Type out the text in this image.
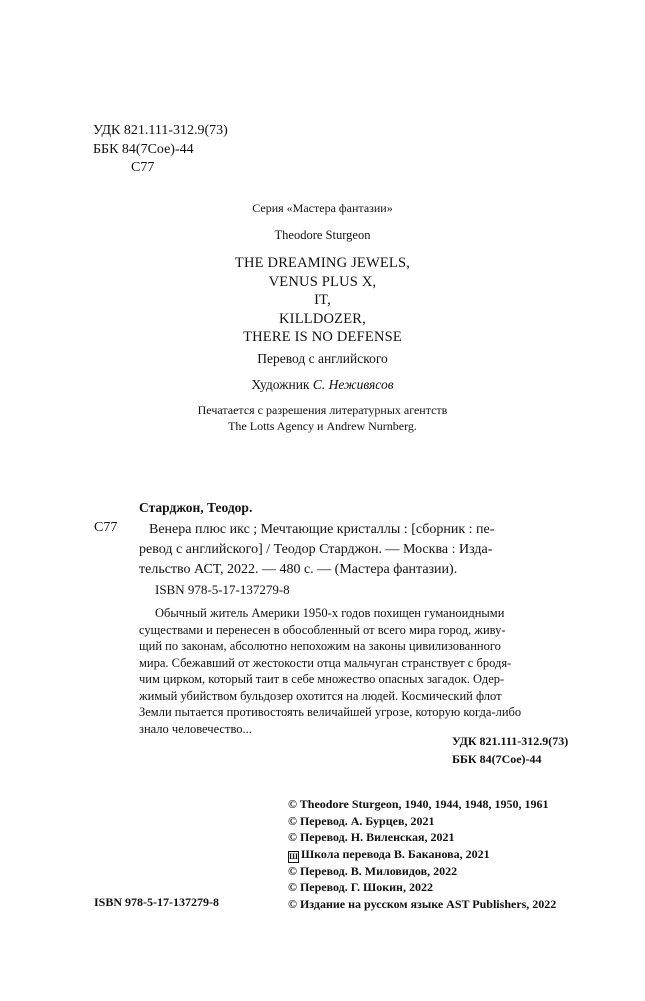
УДК 821.111-312.9(73)
ББК 84(7Сое)-44
С77
Серия «Мастера фантазии»
Theodore Sturgeon
THE DREAMING JEWELS,
VENUS PLUS X,
IT,
KILLDOZER,
THERE IS NO DEFENSE
Перевод с английского
Художник С. Неживясов
Печатается с разрешения литературных агентств
The Lotts Agency и Andrew Nurnberg.
Старджон, Теодор.
С77	Венера плюс икс ; Мечтающие кристаллы : [сборник : пе-
ревод с английского] / Теодор Старджон. — Москва : Изда-
тельство АСТ, 2022. — 480 с. — (Мастера фантазии).
ISBN 978-5-17-137279-8
Обычный житель Америки 1950-х годов похищен гуманоидными
существами и перенесен в обособленный от всего мира город, живу-
щий по законам, абсолютно непохожим на законы цивилизованного
мира. Сбежавший от жестокости отца мальчуган странствует с бродя-
чим цирком, который таит в себе множество опасных загадок. Одер-
жимый убийством бульдозер охотится на людей. Космический флот
Земли пытается противостоять величайшей угрозе, которую когда-либо
знало человечество...
УДК 821.111-312.9(73)
ББК 84(7Сое)-44
© Theodore Sturgeon, 1940, 1944, 1948, 1950, 1961
© Перевод. А. Бурцев, 2021
© Перевод. Н. Виленская, 2021
Ш Школа перевода В. Баканова, 2021
© Перевод. В. Миловидов, 2022
© Перевод. Г. Шокин, 2022
© Издание на русском языке AST Publishers, 2022
ISBN 978-5-17-137279-8
